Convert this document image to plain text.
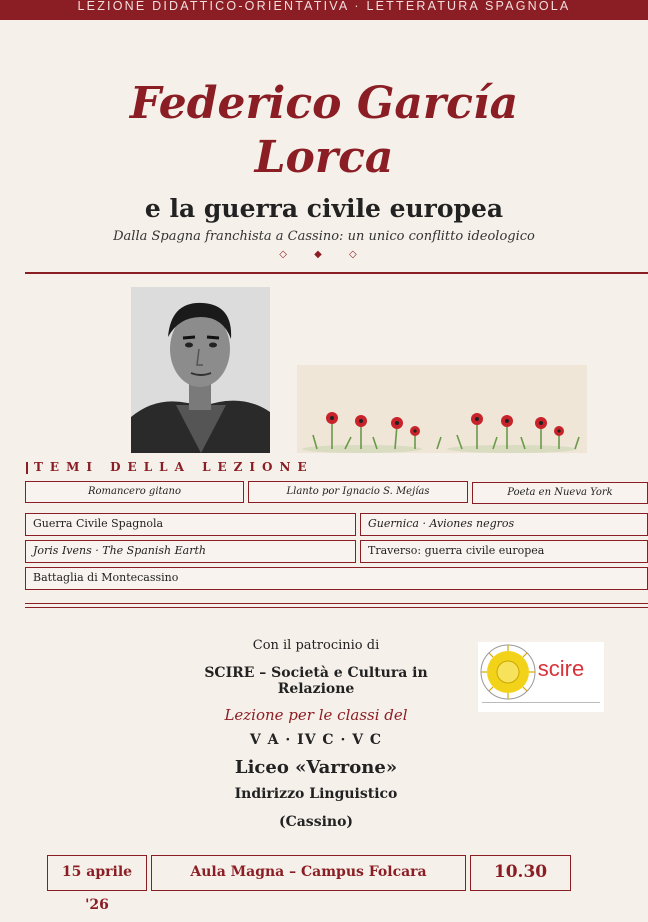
LEZIONE DIDATTICO-ORIENTATIVA · LETTERATURA SPAGNOLA
Federico García
Lorca
e la guerra civile europea
Dalla Spagna franchista a Cassino: un unico conflitto ideologico
◇ ◆ ◇
TEMI DELLA LEZIONE
Romancero gitano	Llanto por Ignacio S. Mejías	Poeta en Nueva York
Guerra Civile Spagnola	Guernica · Aviones negros
Joris Ivens · The Spanish Earth	Traverso: guerra civile europea
Battaglia di Montecassino
Con il patrocinio di
SCIRE – Società e Cultura in Relazione
scire
Lezione per le classi del
V A · IV C · V C
Liceo «Varrone»
Indirizzo Linguistico
(Cassino)
15 aprile '26
Aula Magna – Campus Folcara	10.30
